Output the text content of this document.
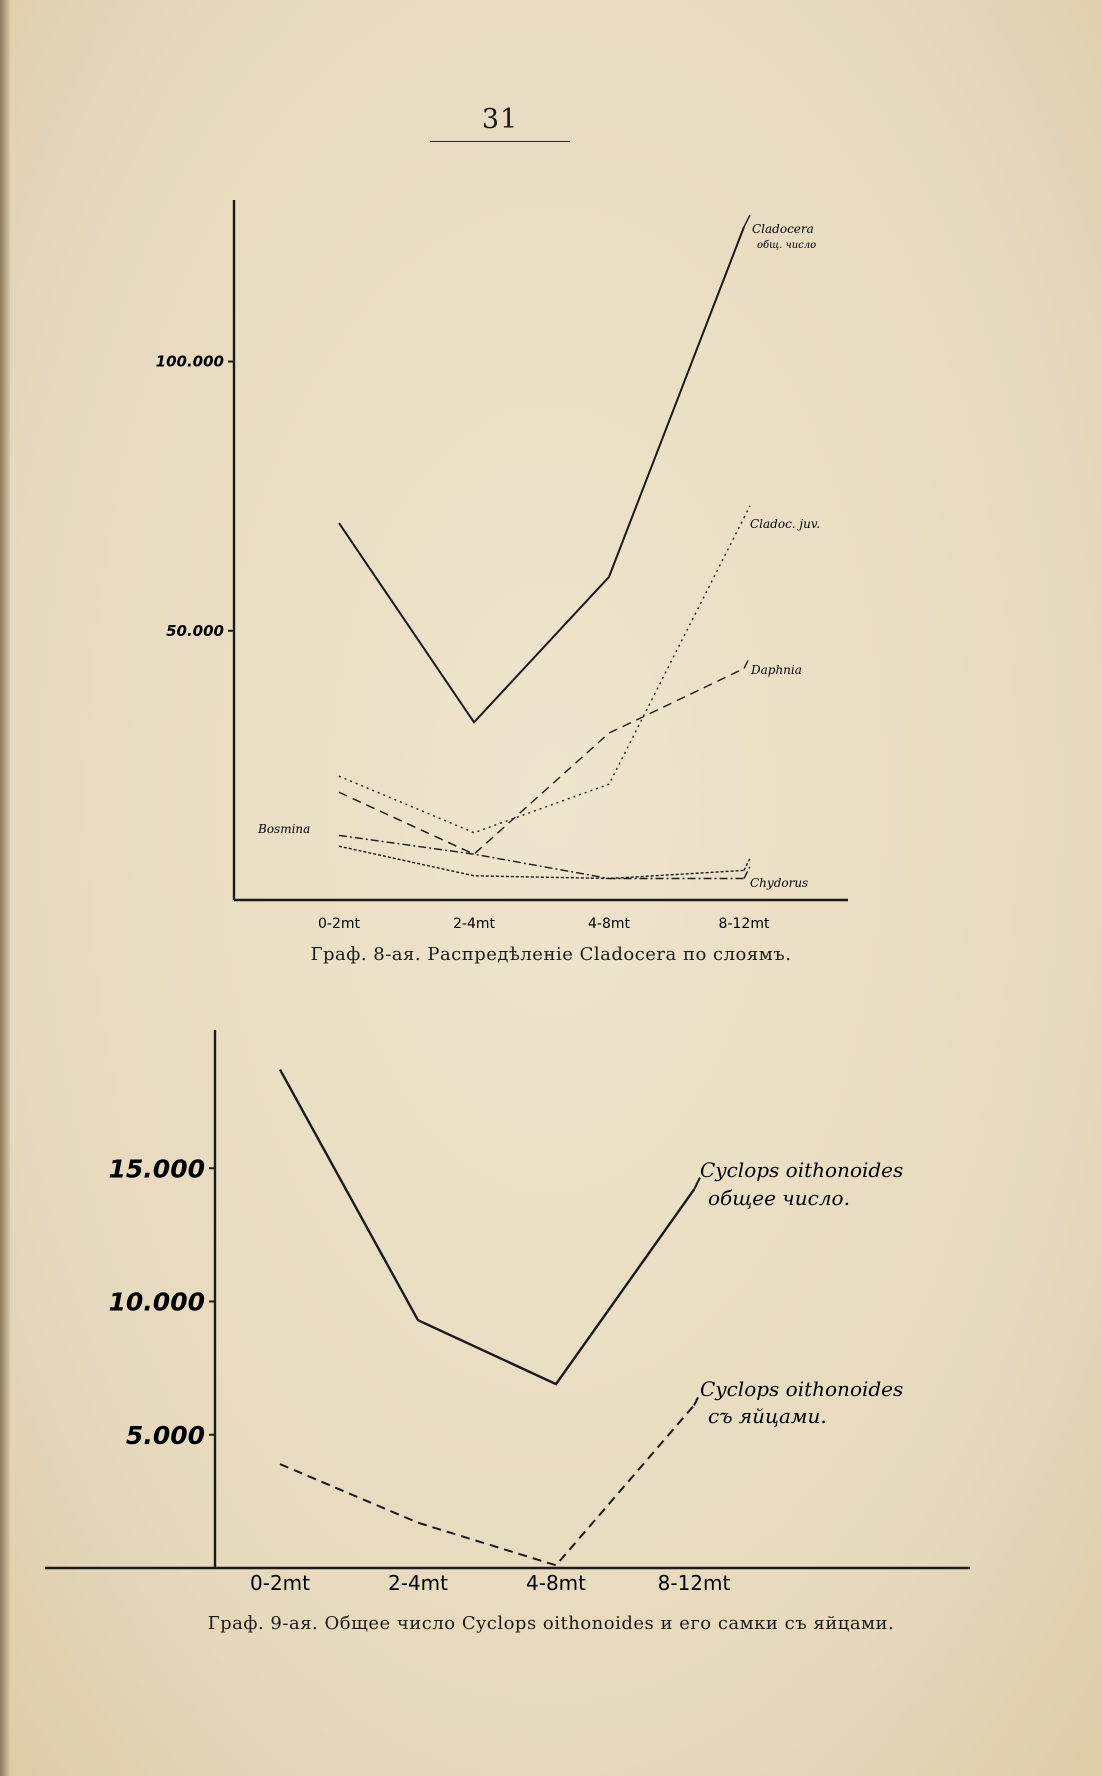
31
50.000
100.000
0-2mt	2-4mt	4-8mt	8-12mt
Cladocera
общ. число
Cladoc. juv.
Daphnia
Bosmina
Chydorus
Граф. 8-ая. Распредѣленіе Cladocera по слоямъ.
5.000
10.000
15.000
0-2mt	2-4mt	4-8mt	8-12mt
Cyclops oithonoides
общее число.
Cyclops oithonoides
съ яйцами.
Граф. 9-ая. Общее число Cyclops oithonoides и его самки съ яйцами.
